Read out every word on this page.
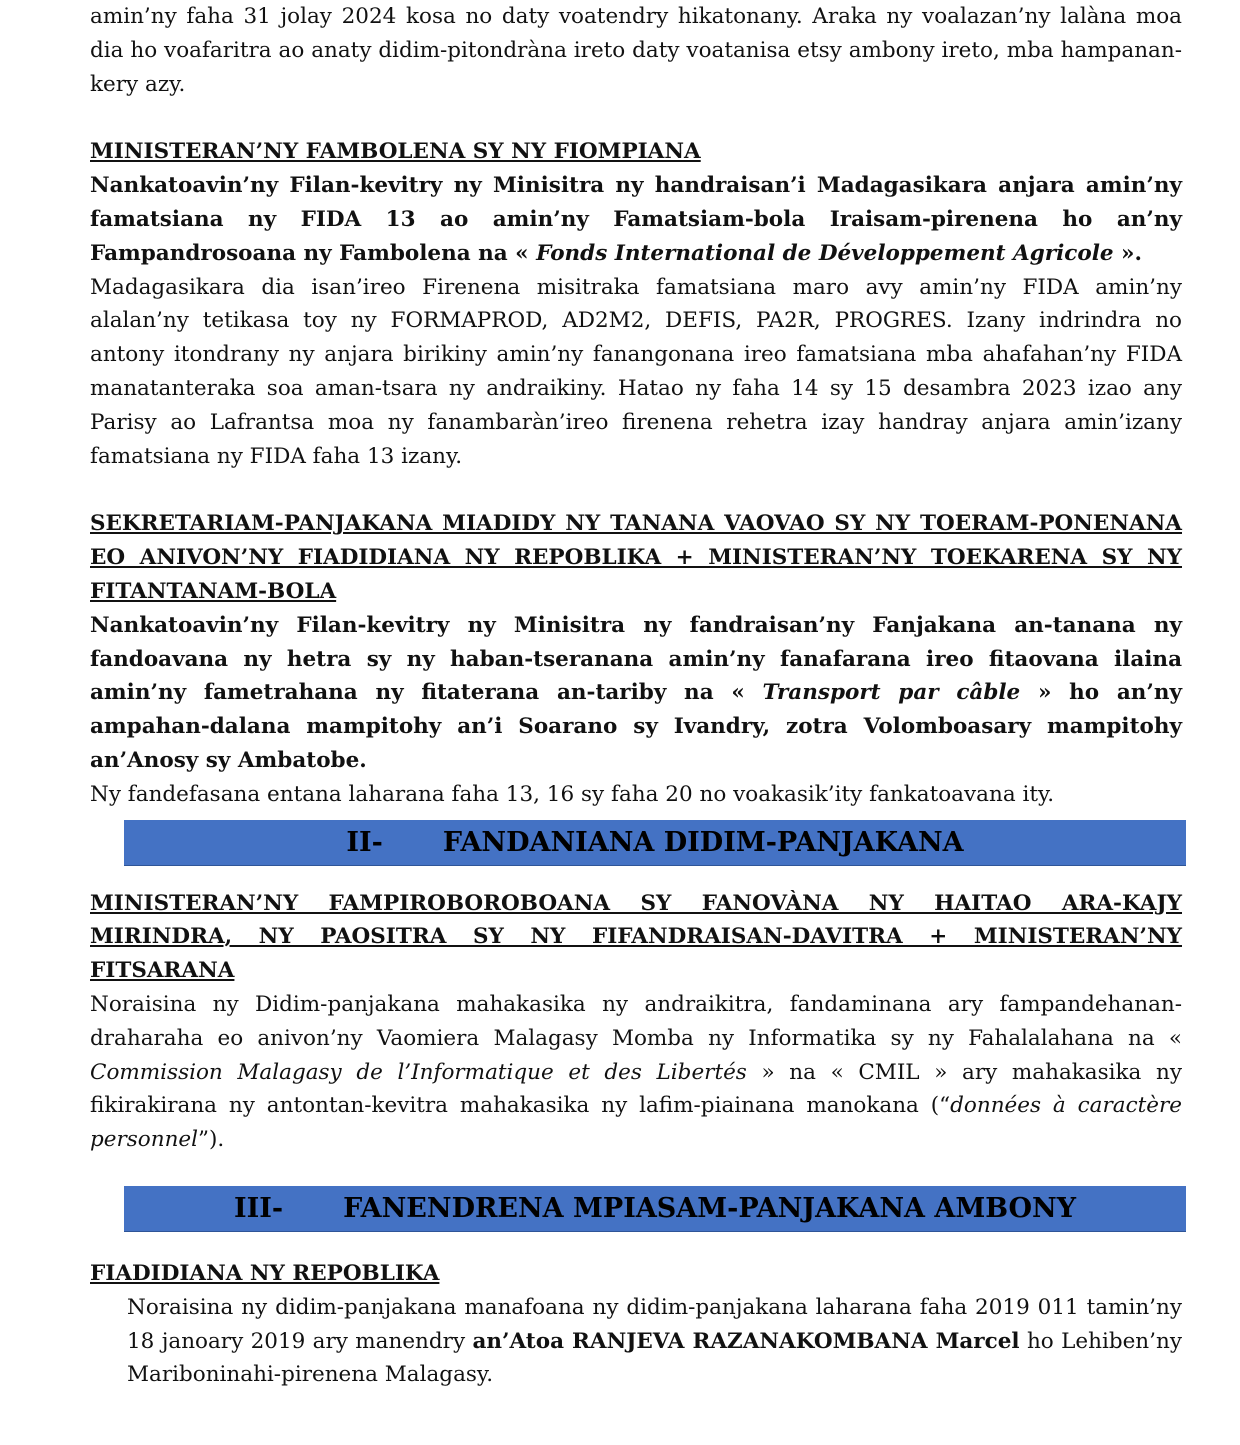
amin’ny faha 31 jolay 2024 kosa no daty voatendry hikatonany. Araka ny voalazan’ny lalàna moa dia ho voafaritra ao anaty didim-pitondràna ireto daty voatanisa etsy ambony ireto, mba hampanan-kery azy.

MINISTERAN’NY FAMBOLENA SY NY FIOMPIANA

Nankatoavin’ny Filan-kevitry ny Minisitra ny handraisan’i Madagasikara anjara amin’ny famatsiana ny FIDA 13 ao amin’ny Famatsiam-bola Iraisam-pirenena ho an’ny Fampandrosoana ny Fambolena na « Fonds International de Développement Agricole ».

Madagasikara dia isan’ireo Firenena misitraka famatsiana maro avy amin’ny FIDA amin’ny alalan’ny tetikasa toy ny FORMAPROD, AD2M2, DEFIS, PA2R, PROGRES. Izany indrindra no antony itondrany ny anjara birikiny amin’ny fanangonana ireo famatsiana mba ahafahan’ny FIDA manatanteraka soa aman-tsara ny andraikiny. Hatao ny faha 14 sy 15 desambra 2023 izao any Parisy ao Lafrantsa moa ny fanambaràn’ireo firenena rehetra izay handray anjara amin’izany famatsiana ny FIDA faha 13 izany.

SEKRETARIAM-PANJAKANA MIADIDY NY TANANA VAOVAO SY NY TOERAM-PONENANA EO ANIVON’NY FIADIDIANA NY REPOBLIKA + MINISTERAN’NY TOEKARENA SY NY FITANTANAM-BOLA

Nankatoavin’ny Filan-kevitry ny Minisitra ny fandraisan’ny Fanjakana an-tanana ny fandoavana ny hetra sy ny haban-tseranana amin’ny fanafarana ireo fitaovana ilaina amin’ny fametrahana ny fitaterana an-tariby na « Transport par câble » ho an’ny ampahan-dalana mampitohy an’i Soarano sy Ivandry, zotra Volomboasary mampitohy an’Anosy sy Ambatobe.

Ny fandefasana entana laharana faha 13, 16 sy faha 20 no voakasik’ity fankatoavana ity.

II- FANDANIANA DIDIM-PANJAKANA

MINISTERAN’NY FAMPIROBOROBOANA SY FANOVÀNA NY HAITAO ARA-KAJY MIRINDRA, NY PAOSITRA SY NY FIFANDRAISAN-DAVITRA + MINISTERAN’NY FITSARANA

Noraisina ny Didim-panjakana mahakasika ny andraikitra, fandaminana ary fampandehanan-draharaha eo anivon’ny Vaomiera Malagasy Momba ny Informatika sy ny Fahalalahana na « Commission Malagasy de l’Informatique et des Libertés » na « CMIL » ary mahakasika ny fikirakirana ny antontan-kevitra mahakasika ny lafim-piainana manokana (“données à caractère personnel”).

III- FANENDRENA MPIASAM-PANJAKANA AMBONY

FIADIDIANA NY REPOBLIKA

Noraisina ny didim-panjakana manafoana ny didim-panjakana laharana faha 2019 011 tamin’ny 18 janoary 2019 ary manendry an’Atoa RANJEVA RAZANAKOMBANA Marcel ho Lehiben’ny Mariboninahi-pirenena Malagasy.
